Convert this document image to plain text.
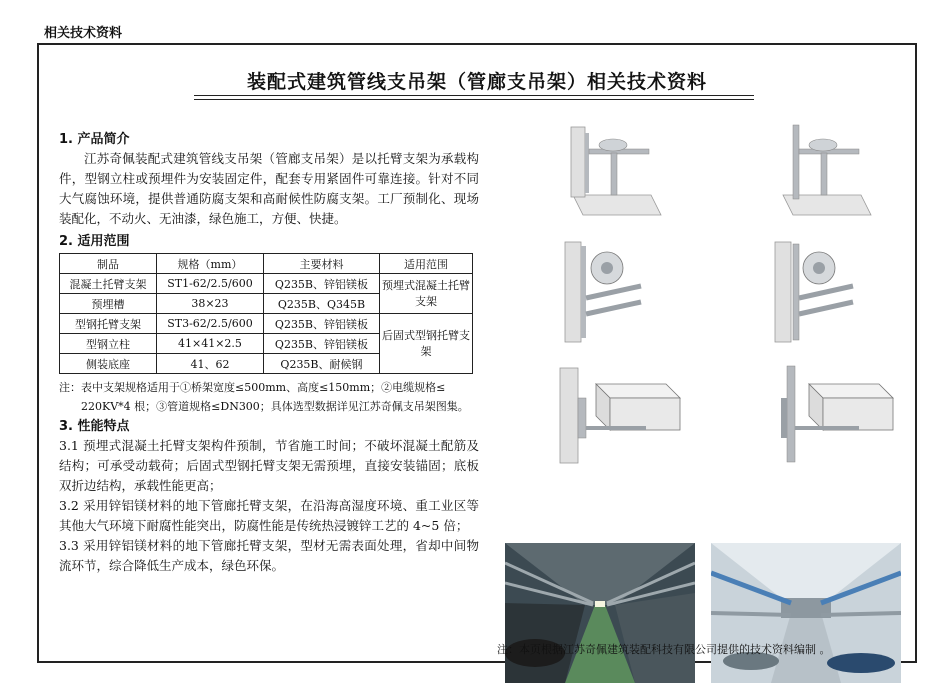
相关技术资料
装配式建筑管线支吊架（管廊支吊架）相关技术资料

1. 产品简介

江苏奇佩装配式建筑管线支吊架（管廊支吊架）是以托臂支架为承载构件，型钢立柱或预埋件为安装固定件，配套专用紧固件可靠连接。针对不同大气腐蚀环境，提供普通防腐支架和高耐候性防腐支架。工厂预制化、现场装配化，不动火、无油漆，绿色施工，方便、快捷。

2. 适用范围

制品	规格（mm）	主要材料	适用范围
混凝土托臂支架	ST1-62/2.5/600	Q235B、锌铝镁板	预埋式混凝土托臂支架
预埋槽	38×23	Q235B、Q345B	
型钢托臂支架	ST3-62/2.5/600	Q235B、锌铝镁板	后固式型钢托臂支架
型钢立柱	41×41×2.5	Q235B、锌铝镁板	
侧装底座	41、62	Q235B、耐候钢	

注：表中支架规格适用于①桥架宽度≤500mm、高度≤150mm；②电缆规格≤

220KV*4 根；③管道规格≤DN300；具体选型数据详见江苏奇佩支吊架图集。

3. 性能特点

3.1 预埋式混凝土托臂支架构件预制，节省施工时间；不破坏混凝土配筋及结构；可承受动载荷；后固式型钢托臂支架无需预埋，直接安装锚固；底板双折边结构，承载性能更高；

3.2 采用锌铝镁材料的地下管廊托臂支架，在沿海高湿度环境、重工业区等其他大气环境下耐腐性能突出，防腐性能是传统热浸镀锌工艺的 4~5 倍；

3.3 采用锌铝镁材料的地下管廊托臂支架，型材无需表面处理，省却中间物流环节，综合降低生产成本，绿色环保。

注：本页根据江苏奇佩建筑装配科技有限公司提供的技术资料编制 。
